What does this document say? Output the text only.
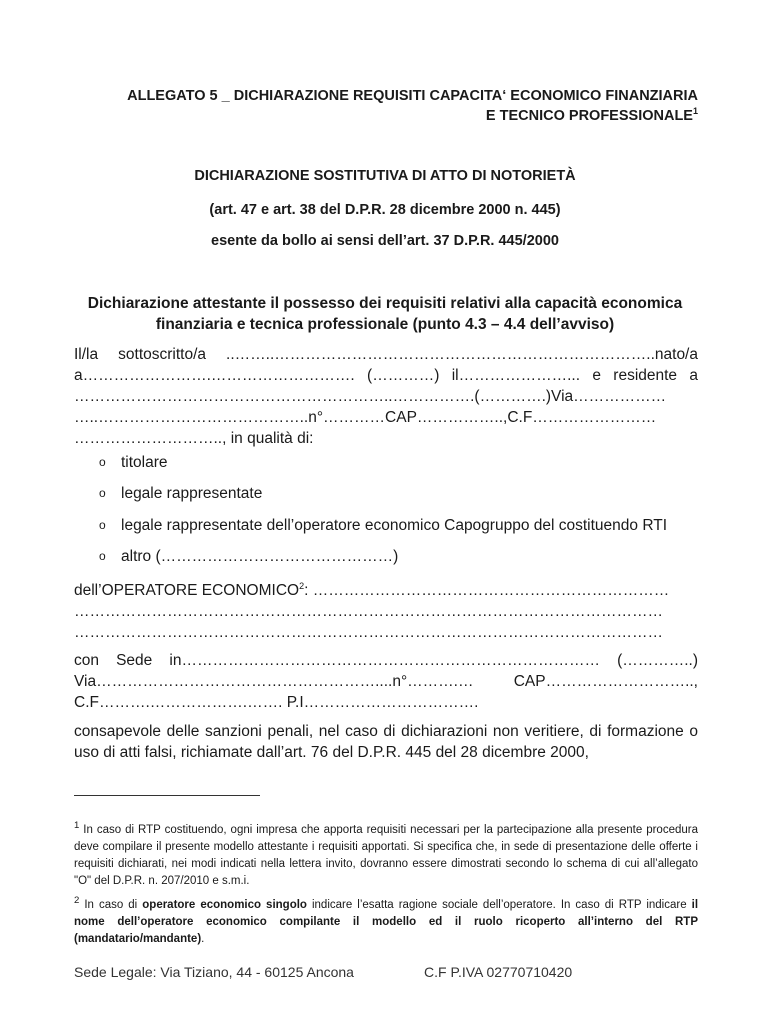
ALLEGATO 5 _ DICHIARAZIONE REQUISITI CAPACITA‘ ECONOMICO FINANZIARIA
E TECNICO PROFESSIONALE$^1$
DICHIARAZIONE SOSTITUTIVA DI ATTO DI NOTORIETÀ
(art. 47 e art. 38 del D.P.R. 28 dicembre 2000 n. 445)
esente da bollo ai sensi dell’art. 37 D.P.R. 445/2000
Dichiarazione attestante il possesso dei requisiti relativi alla capacità economica
finanziaria e tecnica professionale (punto 4.3 – 4.4 dell’avviso)
Il/la sottoscritto/a ..……..………………………………………………………………..nato/a
a…………………….………………………. (…………) il…………………... e residente a
……………………………………………………..…………….(………….)Via………………
…..…………………………………..n°…………CAP……………..,C.F……………………
……………………….., in qualità di:
o titolare
o legale rappresentate
o legale rappresentate dell’operatore economico Capogruppo del costituendo RTI
o altro (………………………………………)
dell’OPERATORE ECONOMICO$^2$: ……………………………………………………………
……………………………………………………………………………………………………
……………………………………………………………………………………………………
con Sede in……………………………………………………………………… (…………..)
Via………………………………………………....n°……….… CAP………………………..,
C.F……….……………….……. P.I…………………………….
consapevole delle sanzioni penali, nel caso di dichiarazioni non veritiere, di formazione o
uso di atti falsi, richiamate dall’art. 76 del D.P.R. 445 del 28 dicembre 2000,
$^1$ In caso di RTP costituendo, ogni impresa che apporta requisiti necessari per la partecipazione alla presente procedura deve compilare il presente modello attestante i requisiti apportati. Si specifica che, in sede di presentazione delle offerte i requisiti dichiarati, nei modi indicati nella lettera invito, dovranno essere dimostrati secondo lo schema di cui all’allegato "O" del D.P.R. n. 207/2010 e s.m.i.
$^2$ In caso di operatore economico singolo indicare l’esatta ragione sociale dell’operatore. In caso di RTP indicare il nome dell’operatore economico compilante il modello ed il ruolo ricoperto all’interno del RTP (mandatario/mandante).
Sede Legale: Via Tiziano, 44 - 60125 Ancona	C.F P.IVA 02770710420
